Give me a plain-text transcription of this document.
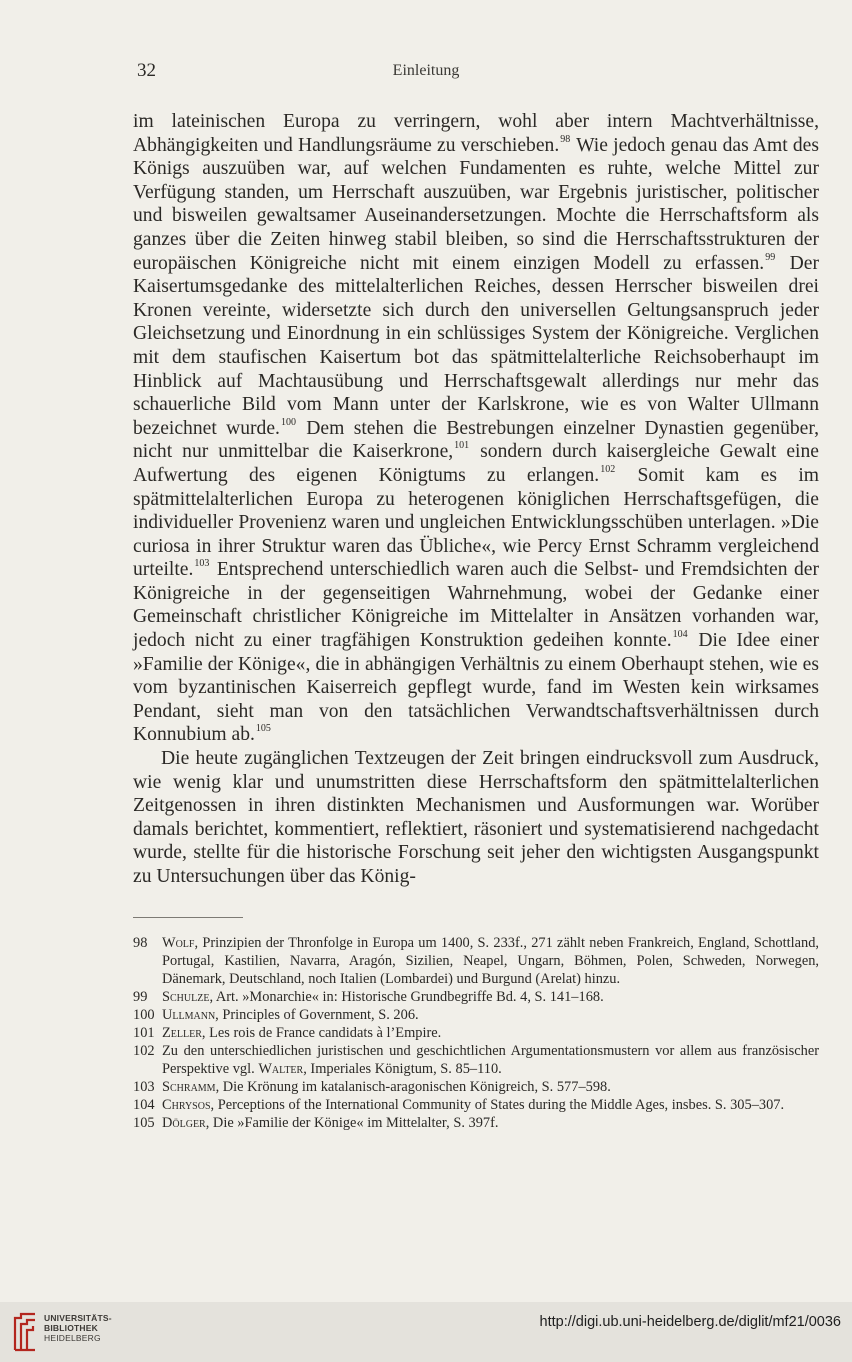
32	Einleitung

im lateinischen Europa zu verringern, wohl aber intern Machtverhältnisse, Abhängigkeiten und Handlungsräume zu verschieben.$^{98}$ Wie jedoch genau das Amt des Königs auszuüben war, auf welchen Fundamenten es ruhte, welche Mittel zur Verfügung standen, um Herrschaft auszuüben, war Ergebnis juristischer, politischer und bisweilen gewaltsamer Auseinandersetzungen. Mochte die Herrschaftsform als ganzes über die Zeiten hinweg stabil bleiben, so sind die Herrschaftsstrukturen der europäischen Königreiche nicht mit einem einzigen Modell zu erfassen.$^{99}$ Der Kaisertumsgedanke des mittelalterlichen Reiches, dessen Herrscher bisweilen drei Kronen vereinte, widersetzte sich durch den universellen Geltungsanspruch jeder Gleichsetzung und Einordnung in ein schlüssiges System der Königreiche. Verglichen mit dem staufischen Kaisertum bot das spätmittelalterliche Reichsoberhaupt im Hinblick auf Machtausübung und Herrschaftsgewalt allerdings nur mehr das schauerliche Bild vom Mann unter der Karlskrone, wie es von Walter Ullmann bezeichnet wurde.$^{100}$ Dem stehen die Bestrebungen einzelner Dynastien gegenüber, nicht nur unmittelbar die Kaiserkrone,$^{101}$ sondern durch kaisergleiche Gewalt eine Aufwertung des eigenen Königtums zu erlangen.$^{102}$ Somit kam es im spätmittelalterlichen Europa zu heterogenen königlichen Herrschaftsgefügen, die individueller Provenienz waren und ungleichen Entwicklungsschüben unterlagen. »Die curiosa in ihrer Struktur waren das Übliche«, wie Percy Ernst Schramm vergleichend urteilte.$^{103}$ Entsprechend unterschiedlich waren auch die Selbst- und Fremdsichten der Königreiche in der gegenseitigen Wahrnehmung, wobei der Gedanke einer Gemeinschaft christlicher Königreiche im Mittelalter in Ansätzen vorhanden war, jedoch nicht zu einer tragfähigen Konstruktion gedeihen konnte.$^{104}$ Die Idee einer »Familie der Könige«, die in abhängigen Verhältnis zu einem Oberhaupt stehen, wie es vom byzantinischen Kaiserreich gepflegt wurde, fand im Westen kein wirksames Pendant, sieht man von den tatsächlichen Verwandtschaftsverhältnissen durch Konnubium ab.$^{105}$

Die heute zugänglichen Textzeugen der Zeit bringen eindrucksvoll zum Ausdruck, wie wenig klar und unumstritten diese Herrschaftsform den spätmittelalterlichen Zeitgenossen in ihren distinkten Mechanismen und Ausformungen war. Worüber damals berichtet, kommentiert, reflektiert, räsoniert und systematisierend nachgedacht wurde, stellte für die historische Forschung seit jeher den wichtigsten Ausgangspunkt zu Untersuchungen über das König-

98 Wolf, Prinzipien der Thronfolge in Europa um 1400, S. 233f., 271 zählt neben Frankreich, England, Schottland, Portugal, Kastilien, Navarra, Aragón, Sizilien, Neapel, Ungarn, Böhmen, Polen, Schweden, Norwegen, Dänemark, Deutschland, noch Italien (Lombardei) und Burgund (Arelat) hinzu.
99 Schulze, Art. »Monarchie« in: Historische Grundbegriffe Bd. 4, S. 141–168.
100 Ullmann, Principles of Government, S. 206.
101 Zeller, Les rois de France candidats à l’Empire.
102 Zu den unterschiedlichen juristischen und geschichtlichen Argumentationsmustern vor allem aus französischer Perspektive vgl. Walter, Imperiales Königtum, S. 85–110.
103 Schramm, Die Krönung im katalanisch-aragonischen Königreich, S. 577–598.
104 Chrysos, Perceptions of the International Community of States during the Middle Ages, insbes. S. 305–307.
105 Dölger, Die »Familie der Könige« im Mittelalter, S. 397f.
UNIVERSITÄTS-
BIBLIOTHEK
HEIDELBERG
http://digi.ub.uni-heidelberg.de/diglit/mf21/0036
